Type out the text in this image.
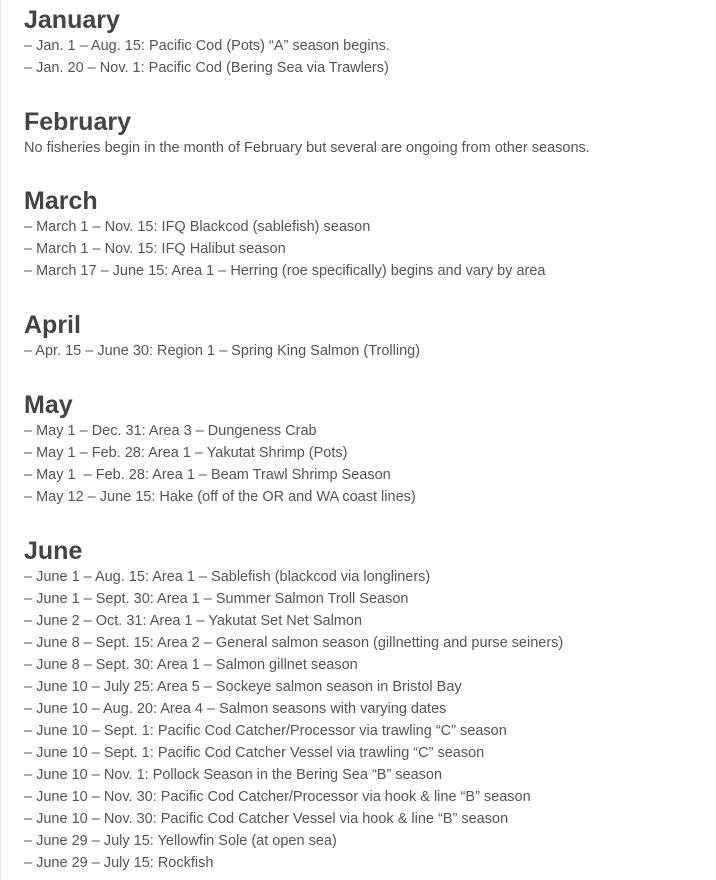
January
– Jan. 1 – Aug. 15: Pacific Cod (Pots) “A” season begins.
– Jan. 20 – Nov. 1: Pacific Cod (Bering Sea via Trawlers)
February

No fisheries begin in the month of February but several are ongoing from other seasons.

March
– March 1 – Nov. 15: IFQ Blackcod (sablefish) season
– March 1 – Nov. 15: IFQ Halibut season
– March 17 – June 15: Area 1 – Herring (roe specifically) begins and vary by area
April
– Apr. 15 – June 30: Region 1 – Spring King Salmon (Trolling)
May
– May 1 – Dec. 31: Area 3 – Dungeness Crab
– May 1 – Feb. 28: Area 1 – Yakutat Shrimp (Pots)
– May 1  – Feb. 28: Area 1 – Beam Trawl Shrimp Season
– May 12 – June 15: Hake (off of the OR and WA coast lines)
June
– June 1 – Aug. 15: Area 1 – Sablefish (blackcod via longliners)
– June 1 – Sept. 30: Area 1 – Summer Salmon Troll Season
– June 2 – Oct. 31: Area 1 – Yakutat Set Net Salmon
– June 8 – Sept. 15: Area 2 – General salmon season (gillnetting and purse seiners)
– June 8 – Sept. 30: Area 1 – Salmon gillnet season
– June 10 – July 25: Area 5 – Sockeye salmon season in Bristol Bay
– June 10 – Aug. 20: Area 4 – Salmon seasons with varying dates
– June 10 – Sept. 1: Pacific Cod Catcher/Processor via trawling “C” season
– June 10 – Sept. 1: Pacific Cod Catcher Vessel via trawling “C” season
– June 10 – Nov. 1: Pollock Season in the Bering Sea “B” season
– June 10 – Nov. 30: Pacific Cod Catcher/Processor via hook & line “B” season
– June 10 – Nov. 30: Pacific Cod Catcher Vessel via hook & line “B” season
– June 29 – July 15: Yellowfin Sole (at open sea)
– June 29 – July 15: Rockfish
